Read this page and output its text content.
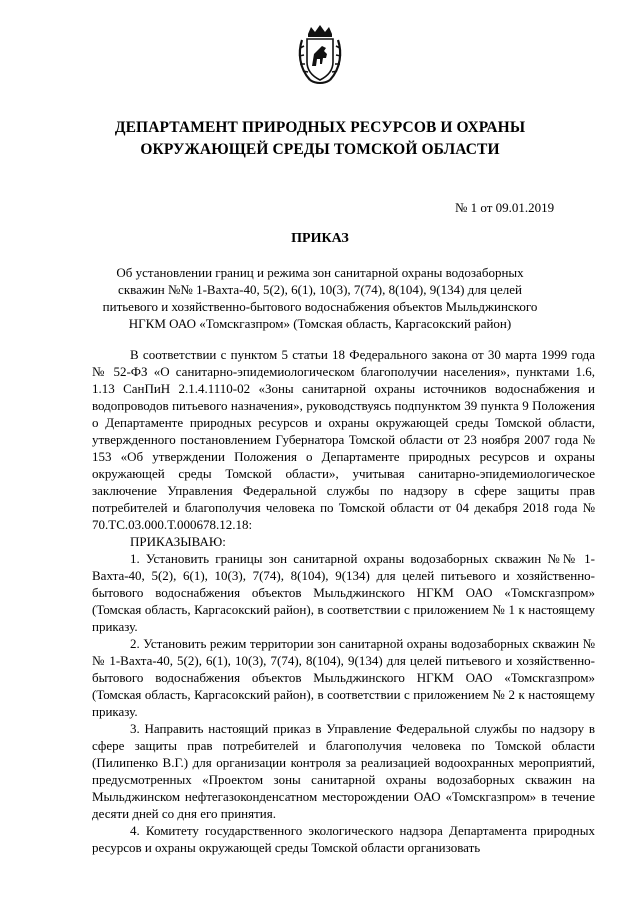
ДЕПАРТАМЕНТ ПРИРОДНЫХ РЕСУРСОВ И ОХРАНЫ
ОКРУЖАЮЩЕЙ СРЕДЫ ТОМСКОЙ ОБЛАСТИ
№ 1 от 09.01.2019
ПРИКАЗ
Об установлении границ и режима зон санитарной охраны водозаборных скважин №№ 1-Вахта-40, 5(2), 6(1), 10(3), 7(74), 8(104), 9(134) для целей питьевого и хозяйственно-бытового водоснабжения объектов Мыльджинского НГКМ ОАО «Томскгазпром» (Томская область, Каргасокский район)

В соответствии с пунктом 5 статьи 18 Федерального закона от 30 марта 1999 года № 52-ФЗ «О санитарно-эпидемиологическом благополучии населения», пунктами 1.6, 1.13 СанПиН 2.1.4.1110-02 «Зоны санитарной охраны источников водоснабжения и водопроводов питьевого назначения», руководствуясь подпунктом 39 пункта 9 Положения о Департаменте природных ресурсов и охраны окружающей среды Томской области, утвержденного постановлением Губернатора Томской области от 23 ноября 2007 года № 153 «Об утверждении Положения о Департаменте природных ресурсов и охраны окружающей среды Томской области», учитывая санитарно-эпидемиологическое заключение Управления Федеральной службы по надзору в сфере защиты прав потребителей и благополучия человека по Томской области от 04 декабря 2018 года № 70.ТС.03.000.Т.000678.12.18:

ПРИКАЗЫВАЮ:

1. Установить границы зон санитарной охраны водозаборных скважин №№ 1-Вахта-40, 5(2), 6(1), 10(3), 7(74), 8(104), 9(134) для целей питьевого и хозяйственно-бытового водоснабжения объектов Мыльджинского НГКМ ОАО «Томскгазпром» (Томская область, Каргасокский район), в соответствии с приложением № 1 к настоящему приказу.

2. Установить режим территории зон санитарной охраны водозаборных скважин №№ 1-Вахта-40, 5(2), 6(1), 10(3), 7(74), 8(104), 9(134) для целей питьевого и хозяйственно-бытового водоснабжения объектов Мыльджинского НГКМ ОАО «Томскгазпром» (Томская область, Каргасокский район), в соответствии с приложением № 2 к настоящему приказу.

3. Направить настоящий приказ в Управление Федеральной службы по надзору в сфере защиты прав потребителей и благополучия человека по Томской области (Пилипенко В.Г.) для организации контроля за реализацией водоохранных мероприятий, предусмотренных «Проектом зоны санитарной охраны водозаборных скважин на Мыльджинском нефтегазоконденсатном месторождении ОАО «Томскгазпром» в течение десяти дней со дня его принятия.

4. Комитету государственного экологического надзора Департамента природных ресурсов и охраны окружающей среды Томской области организовать
